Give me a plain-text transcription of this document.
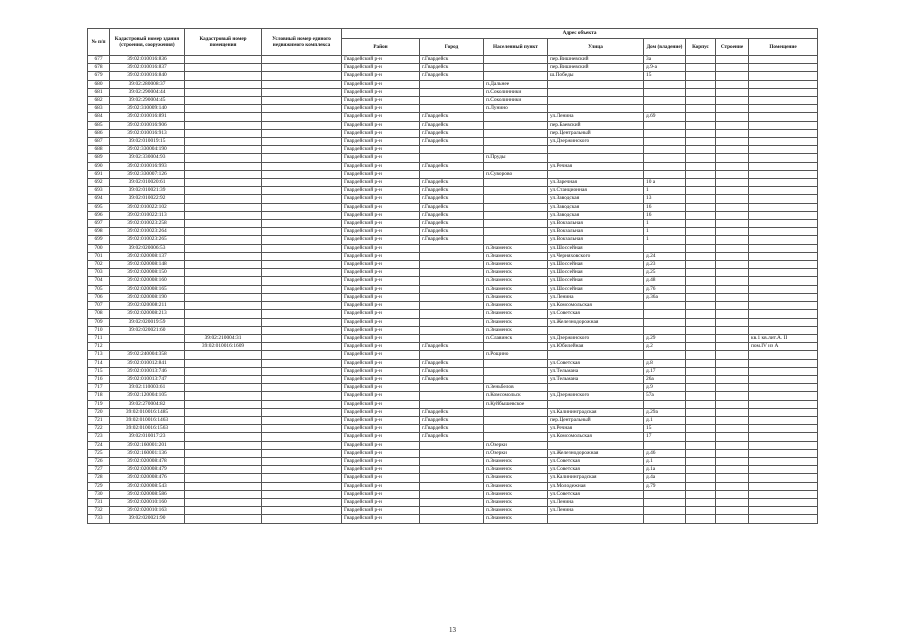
№ п/п	Кадастровый номер здания (строения, сооружения)	Кадастровый номер помещения	Условный номер единого недвижимого комплекса	Адрес объекта							
				Район	Город	Населенный пункт	Улица	Дом (владение)	Корпус	Строение	Помещение
677	39:02:010016:836			Гвардейский р-н	г.Гвардейск		пер.Вишневский	3а			
678	39:02:010016:837			Гвардейский р-н	г.Гвардейск		пер.Вишневский	д.9-а			
679	39:02:010016:840			Гвардейский р-н	г.Гвардейск		ш.Победы	15			
680	39:02:280008:37			Гвардейский р-н		п.Дальнее					
681	39:02:290004:44			Гвардейский р-н		п.Соколинники					
682	39:02:290004:45			Гвардейский р-н		п.Соколинники					
683	39:02:310009:140			Гвардейский р-н		п.Лунино					
684	39:02:010016:891			Гвардейский р-н	г.Гвардейск		ул.Ленина	д.69			
685	39:02:010016:906			Гвардейский р-н	г.Гвардейск		пер.Баевский				
686	39:02:010016:913			Гвардейский р-н	г.Гвардейск		пер.Центральный				
687	39:02:010019:15			Гвардейский р-н	г.Гвардейск		ул.Дзержинского				
688	39:02:330004:190			Гвардейский р-н							
689	39:02:330004:93			Гвардейский р-н		п.Пруды					
690	39:02:010016:993			Гвардейский р-н	г.Гвардейск		ул.Речная				
691	39:02:330007:126			Гвардейский р-н		п.Суворово					
692	39:02:010020:61			Гвардейский р-н	г.Гвардейск		ул.Заречная	10 а			
693	39:02:010021:39			Гвардейский р-н	г.Гвардейск		ул.Станционная	1			
694	39:02:010022:92			Гвардейский р-н	г.Гвардейск		ул.Заводская	13			
695	39:02:010022:102			Гвардейский р-н	г.Гвардейск		ул.Заводская	16			
696	39:02:010022:113			Гвардейский р-н	г.Гвардейск		ул.Заводская	16			
697	39:02:010023:258			Гвардейский р-н	г.Гвардейск		ул.Вокзальная	1			
698	39:02:010023:264			Гвардейский р-н	г.Гвардейск		ул.Вокзальная	1			
699	39:02:010023:265			Гвардейский р-н	г.Гвардейск		ул.Вокзальная	1			
700	39:02:020006:53			Гвардейский р-н		п.Знаменск	ул.Шоссейная				
701	39:02:020008:137			Гвардейский р-н		п.Знаменск	ул.Черняховского	д.24			
702	39:02:020008:148			Гвардейский р-н		п.Знаменск	ул.Шоссейная	д.23			
703	39:02:020008:150			Гвардейский р-н		п.Знаменск	ул.Шоссейная	д.25			
704	39:02:020008:160			Гвардейский р-н		п.Знаменск	ул.Шоссейная	д.48			
705	39:02:020008:165			Гвардейский р-н		п.Знаменск	ул.Шоссейная	д.76			
706	39:02:020008:190			Гвардейский р-н		п.Знаменск	ул.Ленина	д.36а			
707	39:02:020008:211			Гвардейский р-н		п.Знаменск	ул.Комсомольская				
708	39:02:020008:213			Гвардейский р-н		п.Знаменск	ул.Советская				
709	39:02:020019:59			Гвардейский р-н		п.Знаменск	ул.Железнодорожная				
710	39:02:020021:60			Гвардейский р-н		п.Знаменск					
711		39:02:210004:31		Гвардейский р-н		п.Славинск	ул.Дзержинского	д.29			кв.1 кв.лит.А. II
712		39:02:010016:1609		Гвардейский р-н	г.Гвардейск		ул.Юбилейная	д.2			пом.IV из А
713	39:02:240004:358			Гвардейский р-н		п.Рощино					
714	39:02:010012:841			Гвардейский р-н	г.Гвардейск		ул.Советская	д.8			
715	39:02:010013:746			Гвардейский р-н	г.Гвардейск		ул.Тельмана	д.17			
716	39:02:010013:747			Гвардейский р-н	г.Гвардейск		ул.Тельмана	26а			
717	39:02:110003:61			Гвардейский р-н		п.Зеньбелов		д.9			
718	39:02:120004:105			Гвардейский р-н		п.Комсомольск	ул.Дзержинского	57а			
719	39:02:270004:82			Гвардейский р-н		п.Куйбышевское					
720	39:02:010016:1485			Гвардейский р-н	г.Гвардейск		ул.Калининградская	д.29а			
721	39:02:010016:1463			Гвардейский р-н	г.Гвардейск		пер.Центральный	д.1			
722	39:02:010016:1563			Гвардейский р-н	г.Гвардейск		ул.Речная	15			
723	39:02:010017:23			Гвардейский р-н	г.Гвардейск		ул.Комсомольская	17			
724	39:02:160001:201			Гвардейский р-н		п.Озерки					
725	39:02:160001:136			Гвардейский р-н		п.Озерки	ул.Железнодорожная	д.46			
726	39:02:020008:478			Гвардейский р-н		п.Знаменск	ул.Советская	д.1			
727	39:02:020008:479			Гвардейский р-н		п.Знаменск	ул.Советская	д.1а			
728	39:02:020008:476			Гвардейский р-н		п.Знаменск	ул.Калининградская	д.4а			
729	39:02:020008:543			Гвардейский р-н		п.Знаменск	ул.Молодежная	д.79			
730	39:02:020008:586			Гвардейский р-н		п.Знаменск	ул.Советская				
731	39:02:020010:160			Гвардейский р-н		п.Знаменск	ул.Ленина				
732	39:02:020010:163			Гвардейский р-н		п.Знаменск	ул.Ленина				
733	39:02:020021:90			Гвардейский р-н		п.Знаменск					
13
